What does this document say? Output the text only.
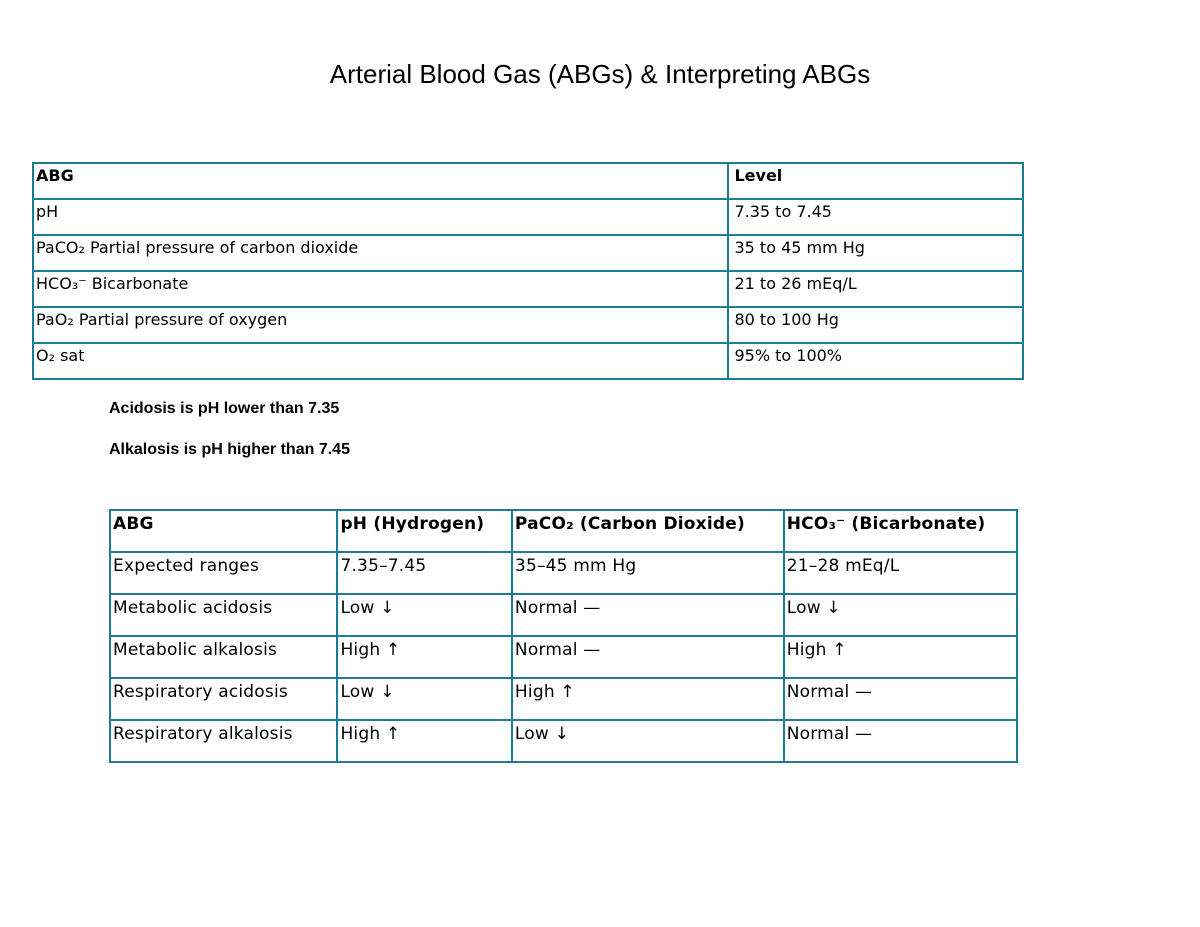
Arterial Blood Gas (ABGs) & Interpreting ABGs
ABG	Level
pH	7.35 to 7.45
PaCO₂ Partial pressure of carbon dioxide	35 to 45 mm Hg
HCO₃⁻ Bicarbonate	21 to 26 mEq/L
PaO₂ Partial pressure of oxygen	80 to 100 Hg
O₂ sat	95% to 100%
Acidosis is pH lower than 7.35
Alkalosis is pH higher than 7.45
ABG	pH (Hydrogen)	PaCO₂ (Carbon Dioxide)	HCO₃⁻ (Bicarbonate)
Expected ranges	7.35–7.45	35–45 mm Hg	21–28 mEq/L
Metabolic acidosis	Low ↓	Normal —	Low ↓
Metabolic alkalosis	High ↑	Normal —	High ↑
Respiratory acidosis	Low ↓	High ↑	Normal —
Respiratory alkalosis	High ↑	Low ↓	Normal —
